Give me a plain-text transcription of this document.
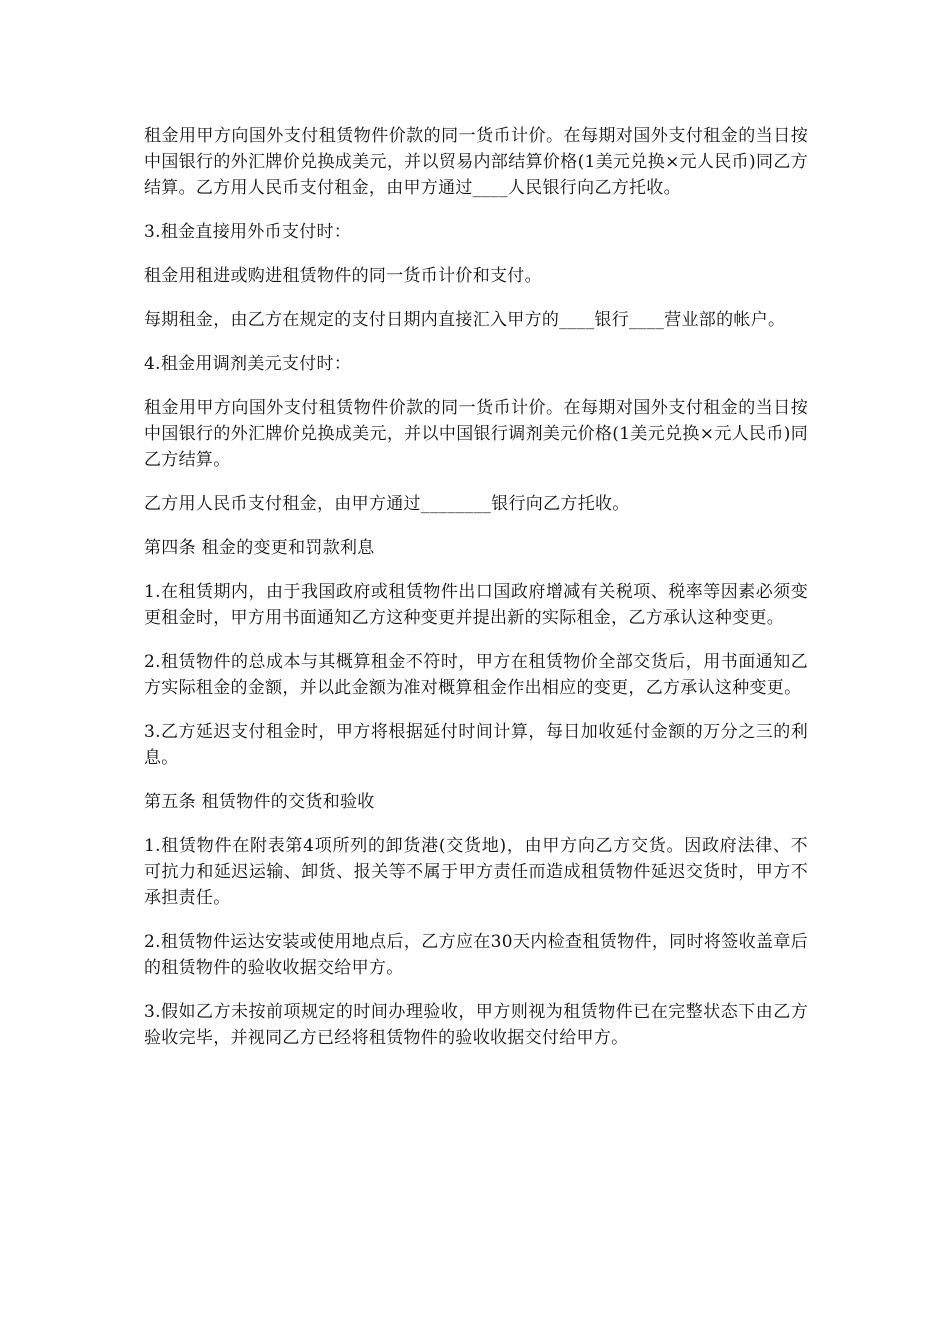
租金用甲方向国外支付租赁物件价款的同一货币计价。在每期对国外支付租金的当日按中国银行的外汇牌价兑换成美元，并以贸易内部结算价格(1美元兑换×元人民币)同乙方结算。乙方用人民币支付租金，由甲方通过____人民银行向乙方托收。

3.租金直接用外币支付时：

租金用租进或购进租赁物件的同一货币计价和支付。

每期租金，由乙方在规定的支付日期内直接汇入甲方的____银行____营业部的帐户。

4.租金用调剂美元支付时：

租金用甲方向国外支付租赁物件价款的同一货币计价。在每期对国外支付租金的当日按中国银行的外汇牌价兑换成美元，并以中国银行调剂美元价格(1美元兑换×元人民币)同乙方结算。

乙方用人民币支付租金，由甲方通过________银行向乙方托收。

第四条 租金的变更和罚款利息

1.在租赁期内，由于我国政府或租赁物件出口国政府增减有关税项、税率等因素必须变更租金时，甲方用书面通知乙方这种变更并提出新的实际租金，乙方承认这种变更。

2.租赁物件的总成本与其概算租金不符时，甲方在租赁物价全部交货后，用书面通知乙方实际租金的金额，并以此金额为准对概算租金作出相应的变更，乙方承认这种变更。

3.乙方延迟支付租金时，甲方将根据延付时间计算，每日加收延付金额的万分之三的利息。

第五条 租赁物件的交货和验收

1.租赁物件在附表第4项所列的卸货港(交货地)，由甲方向乙方交货。因政府法律、不可抗力和延迟运输、卸货、报关等不属于甲方责任而造成租赁物件延迟交货时，甲方不承担责任。

2.租赁物件运达安装或使用地点后，乙方应在30天内检查租赁物件，同时将签收盖章后的租赁物件的验收收据交给甲方。

3.假如乙方未按前项规定的时间办理验收，甲方则视为租赁物件已在完整状态下由乙方验收完毕，并视同乙方已经将租赁物件的验收收据交付给甲方。
